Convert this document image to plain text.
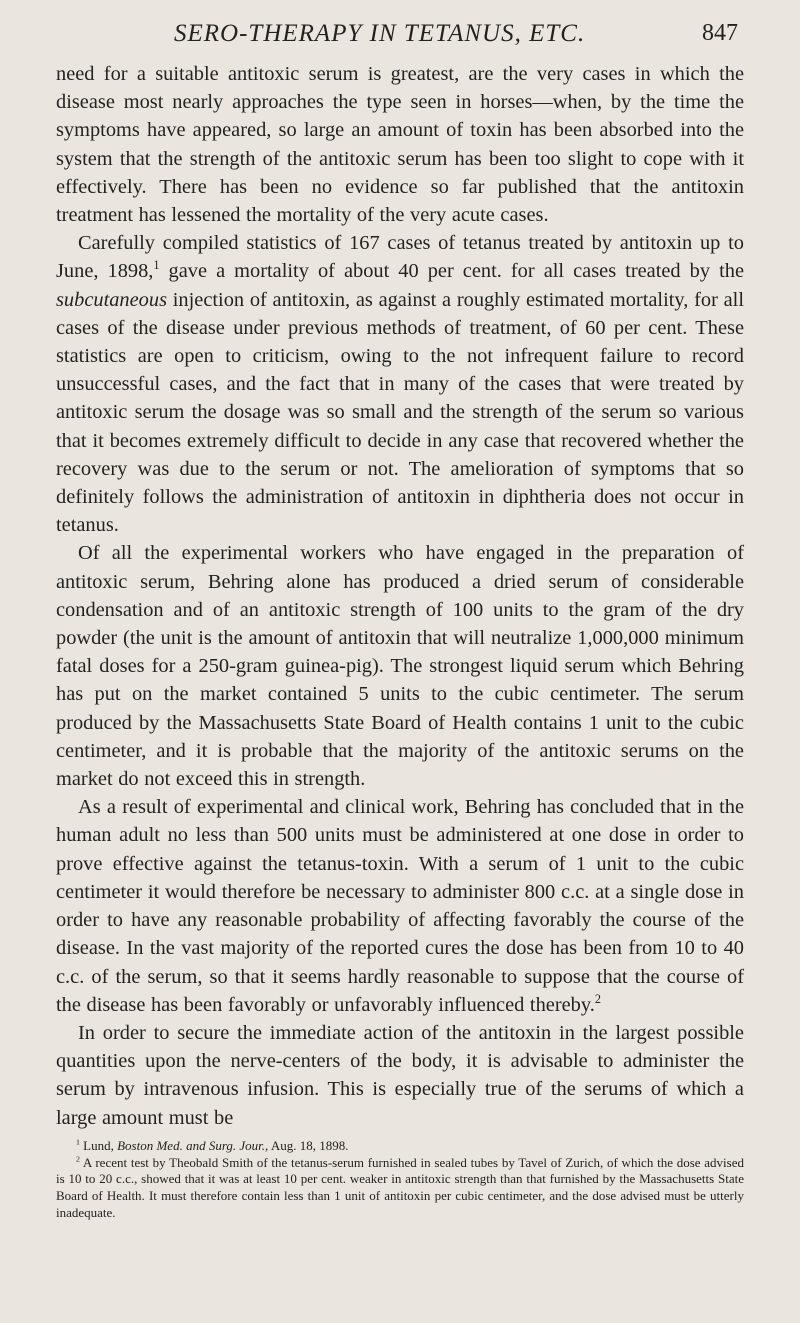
SERO-THERAPY IN TETANUS, ETC.	847

need for a suitable antitoxic serum is greatest, are the very cases in which the disease most nearly approaches the type seen in horses—when, by the time the symptoms have appeared, so large an amount of toxin has been absorbed into the system that the strength of the antitoxic serum has been too slight to cope with it effectively. There has been no evidence so far published that the antitoxin treatment has lessened the mortality of the very acute cases.

Carefully compiled statistics of 167 cases of tetanus treated by antitoxin up to June, 1898,$^1$ gave a mortality of about 40 per cent. for all cases treated by the subcutaneous injection of antitoxin, as against a roughly estimated mortality, for all cases of the disease under previous methods of treatment, of 60 per cent. These statistics are open to criticism, owing to the not infrequent failure to record unsuccessful cases, and the fact that in many of the cases that were treated by antitoxic serum the dosage was so small and the strength of the serum so various that it becomes extremely difficult to decide in any case that recovered whether the recovery was due to the serum or not. The amelioration of symptoms that so definitely follows the administration of antitoxin in diphtheria does not occur in tetanus.

Of all the experimental workers who have engaged in the preparation of antitoxic serum, Behring alone has produced a dried serum of considerable condensation and of an antitoxic strength of 100 units to the gram of the dry powder (the unit is the amount of antitoxin that will neutralize 1,000,000 minimum fatal doses for a 250-gram guinea-pig). The strongest liquid serum which Behring has put on the market contained 5 units to the cubic centimeter. The serum produced by the Massachusetts State Board of Health contains 1 unit to the cubic centimeter, and it is probable that the majority of the antitoxic serums on the market do not exceed this in strength.

As a result of experimental and clinical work, Behring has concluded that in the human adult no less than 500 units must be administered at one dose in order to prove effective against the tetanus-toxin. With a serum of 1 unit to the cubic centimeter it would therefore be necessary to administer 800 c.c. at a single dose in order to have any reasonable probability of affecting favorably the course of the disease. In the vast majority of the reported cures the dose has been from 10 to 40 c.c. of the serum, so that it seems hardly reasonable to suppose that the course of the disease has been favorably or unfavorably influenced thereby.$^2$

In order to secure the immediate action of the antitoxin in the largest possible quantities upon the nerve-centers of the body, it is advisable to administer the serum by intravenous infusion. This is especially true of the serums of which a large amount must be

$^1$ Lund, Boston Med. and Surg. Jour., Aug. 18, 1898.

$^2$ A recent test by Theobald Smith of the tetanus-serum furnished in sealed tubes by Tavel of Zurich, of which the dose advised is 10 to 20 c.c., showed that it was at least 10 per cent. weaker in antitoxic strength than that furnished by the Massachusetts State Board of Health. It must therefore contain less than 1 unit of antitoxin per cubic centimeter, and the dose advised must be utterly inadequate.
